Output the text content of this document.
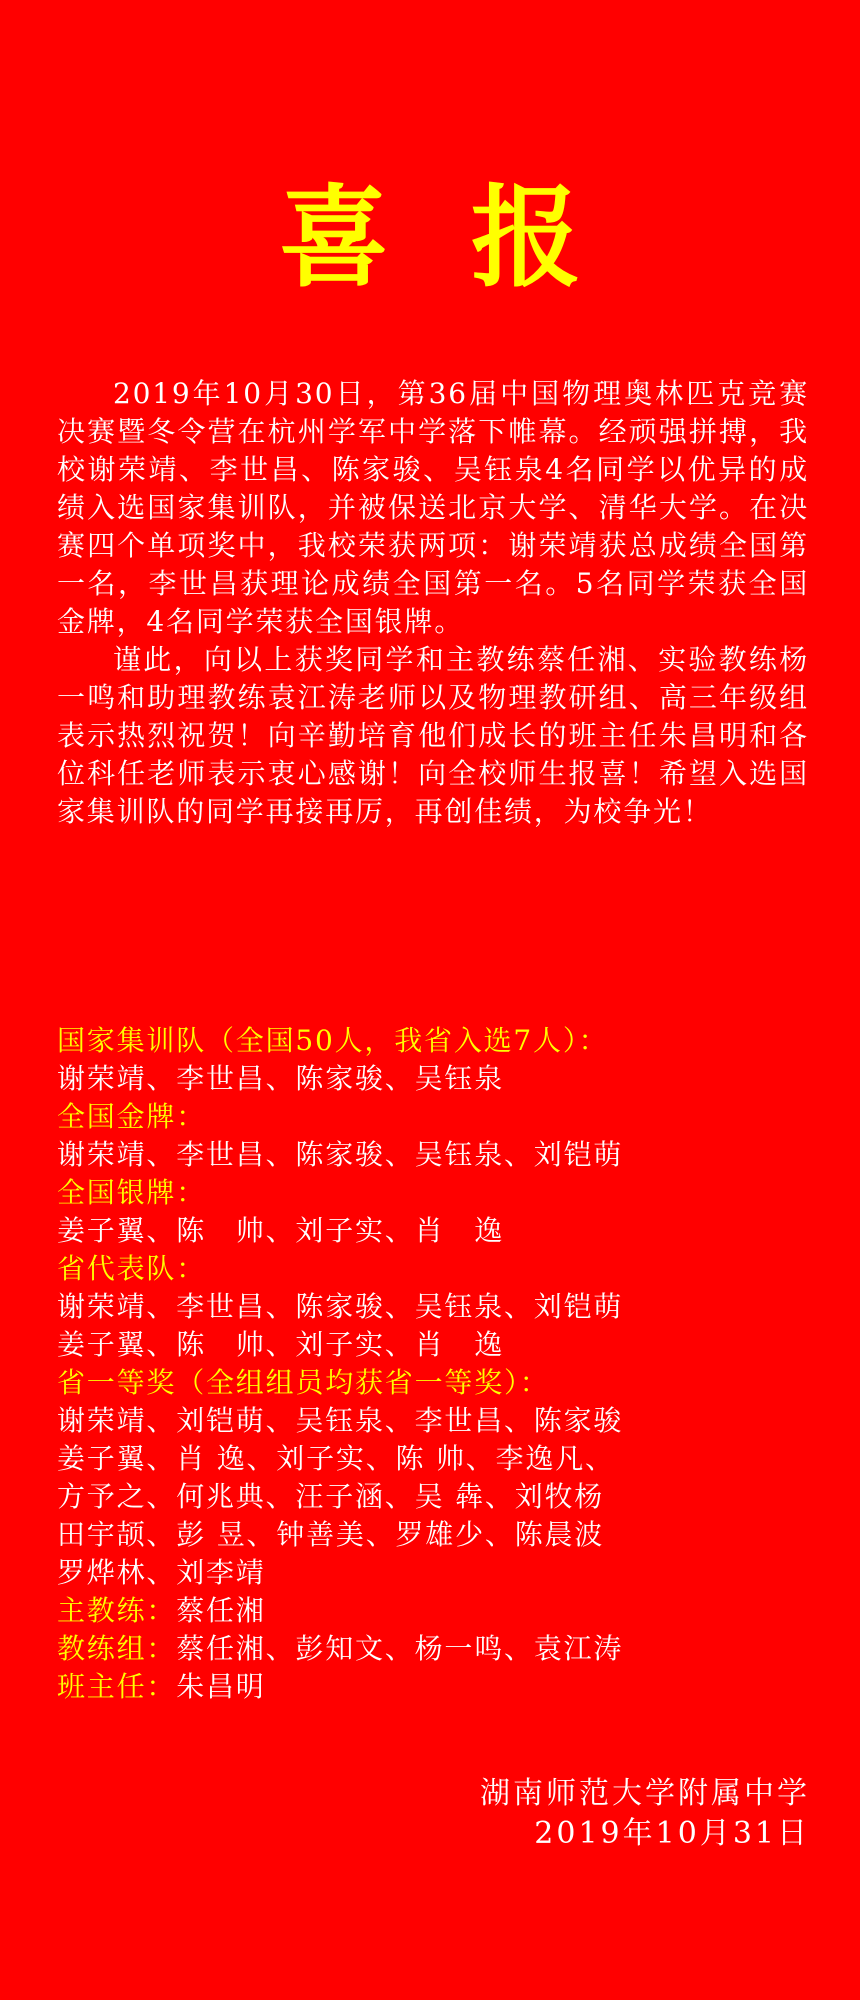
喜报

2019年10月30日，第36届中国物理奥林匹克竞赛决赛暨冬令营在杭州学军中学落下帷幕。经顽强拼搏，我校谢荣靖、李世昌、陈家骏、吴钰泉4名同学以优异的成绩入选国家集训队，并被保送北京大学、清华大学。在决赛四个单项奖中，我校荣获两项：谢荣靖获总成绩全国第一名，李世昌获理论成绩全国第一名。5名同学荣获全国金牌，4名同学荣获全国银牌。

谨此，向以上获奖同学和主教练蔡任湘、实验教练杨一鸣和助理教练袁江涛老师以及物理教研组、高三年级组表示热烈祝贺！向辛勤培育他们成长的班主任朱昌明和各位科任老师表示衷心感谢！向全校师生报喜！希望入选国家集训队的同学再接再厉，再创佳绩，为校争光！

国家集训队（全国50人，我省入选7人）：

谢荣靖、李世昌、陈家骏、吴钰泉

全国金牌：

谢荣靖、李世昌、陈家骏、吴钰泉、刘铠萌

全国银牌：

姜子翼、陈　帅、刘子实、肖　逸

省代表队：

谢荣靖、李世昌、陈家骏、吴钰泉、刘铠萌

姜子翼、陈　帅、刘子实、肖　逸

省一等奖（全组组员均获省一等奖）：

谢荣靖、刘铠萌、吴钰泉、李世昌、陈家骏

姜子翼、肖 逸、刘子实、陈 帅、李逸凡、

方予之、何兆典、汪子涵、吴 犇、刘牧杨

田宇颉、彭 昱、钟善美、罗雄少、陈晨波

罗烨林、刘李靖

主教练：蔡任湘

教练组：蔡任湘、彭知文、杨一鸣、袁江涛

班主任：朱昌明

湖南师范大学附属中学

2019年10月31日
